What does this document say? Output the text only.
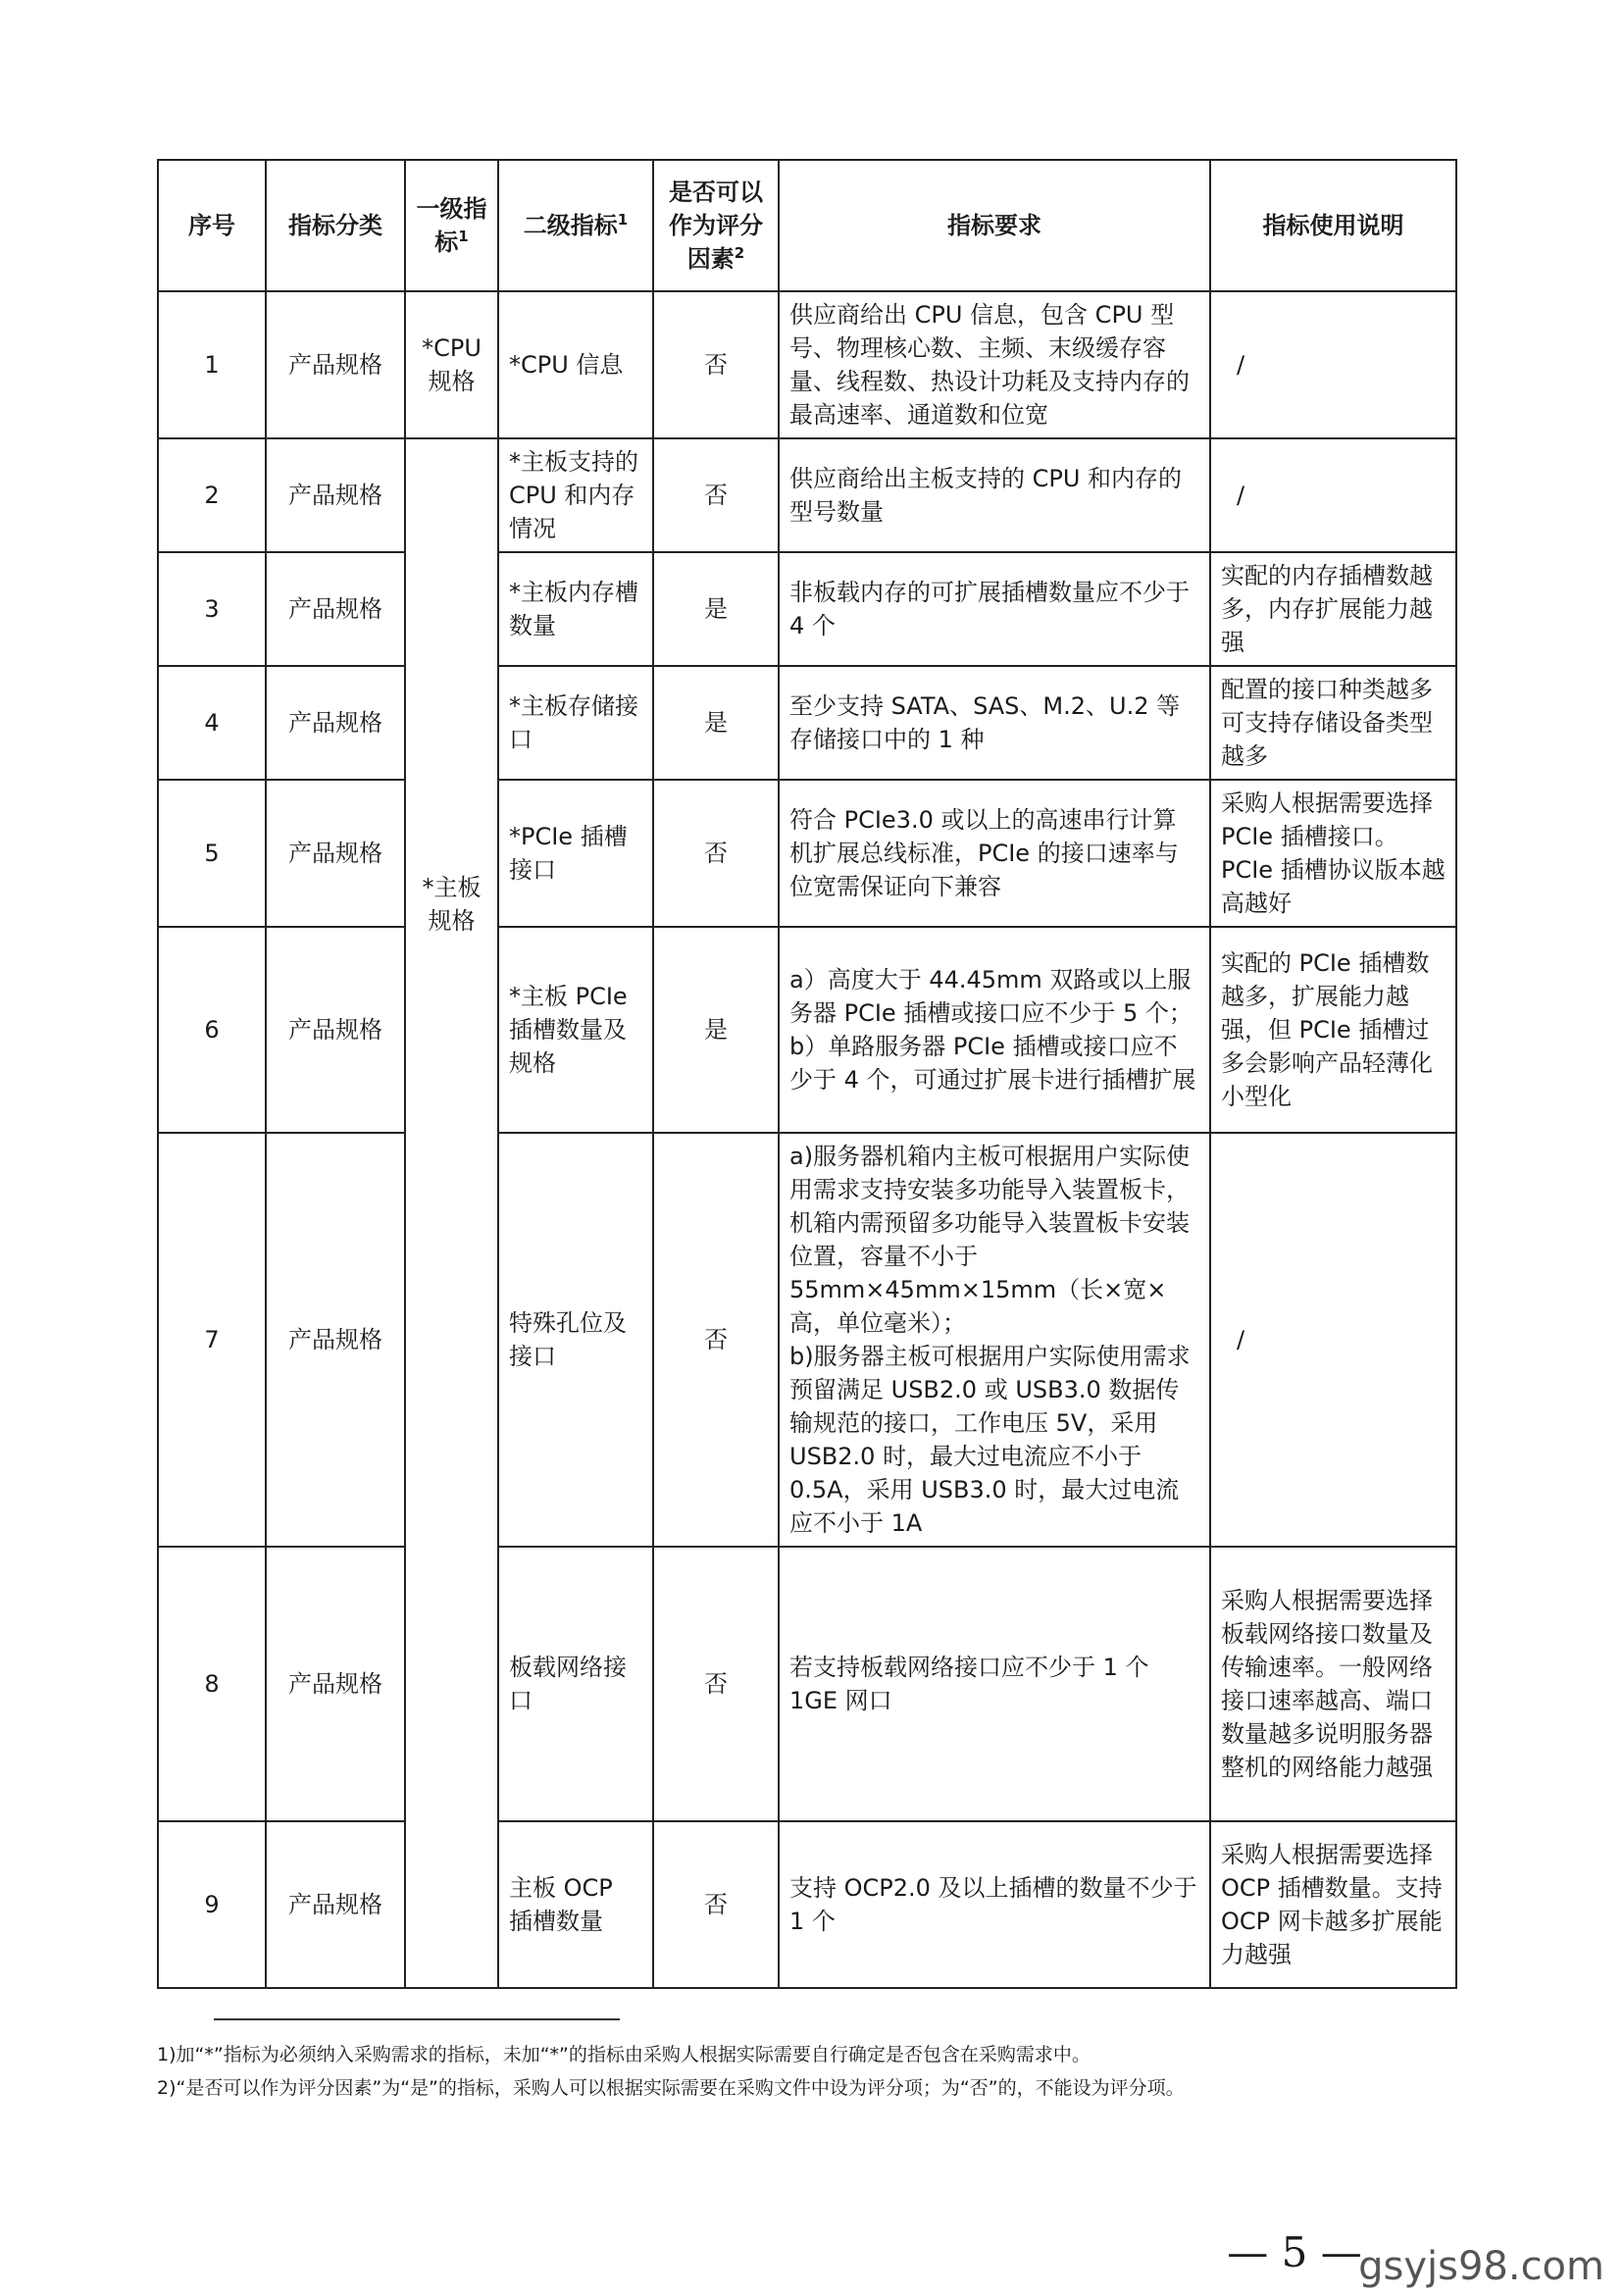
序号	指标分类	一级指标$^1$	二级指标$^1$	是否可以作为评分因素$^2$	指标要求	指标使用说明
1	产品规格	*CPU规格	*CPU 信息	否	供应商给出 CPU 信息，包含 CPU 型号、物理核心数、主频、末级缓存容量、线程数、热设计功耗及支持内存的最高速率、通道数和位宽	/

2	产品规格	*主板规格	*主板支持的 CPU 和内存情况	否	供应商给出主板支持的 CPU 和内存的型号数量	/

3	产品规格		*主板内存槽数量	是	非板载内存的可扩展插槽数量应不少于 4 个	实配的内存插槽数越多，内存扩展能力越强
4	产品规格		*主板存储接口	是	至少支持 SATA、SAS、M.2、U.2 等存储接口中的 1 种	配置的接口种类越多可支持存储设备类型越多
5	产品规格		*PCIe 插槽接口	否	符合 PCIe3.0 或以上的高速串行计算机扩展总线标准，PCIe 的接口速率与位宽需保证向下兼容	采购人根据需要选择 PCIe 插槽接口。PCIe 插槽协议版本越高越好
6	产品规格		*主板 PCIe 插槽数量及规格	是	a）高度大于 44.45mm 双路或以上服务器 PCIe 插槽或接口应不少于 5 个；
b）单路服务器 PCIe 插槽或接口应不少于 4 个，可通过扩展卡进行插槽扩展	实配的 PCIe 插槽数越多，扩展能力越强，但 PCIe 插槽过多会影响产品轻薄化小型化
7	产品规格		特殊孔位及接口	否	a)服务器机箱内主板可根据用户实际使用需求支持安装多功能导入装置板卡，机箱内需预留多功能导入装置板卡安装位置，容量不小于 55mm×45mm×15mm（长×宽×高，单位毫米）；
b)服务器主板可根据用户实际使用需求预留满足 USB2.0 或 USB3.0 数据传输规范的接口，工作电压 5V，采用 USB2.0 时，最大过电流应不小于 0.5A，采用 USB3.0 时，最大过电流应不小于 1A	/

8	产品规格		板载网络接口	否	若支持板载网络接口应不少于 1 个 1GE 网口	采购人根据需要选择板载网络接口数量及传输速率。一般网络接口速率越高、端口数量越多说明服务器整机的网络能力越强
9	产品规格		主板 OCP 插槽数量	否	支持 OCP2.0 及以上插槽的数量不少于 1 个	采购人根据需要选择 OCP 插槽数量。支持 OCP 网卡越多扩展能力越强
1)加“*”指标为必须纳入采购需求的指标，未加“*”的指标由采购人根据实际需要自行确定是否包含在采购需求中。
2)“是否可以作为评分因素”为“是”的指标，采购人可以根据实际需要在采购文件中设为评分项；为“否”的，不能设为评分项。
— 5 —
gsyjs98.com
